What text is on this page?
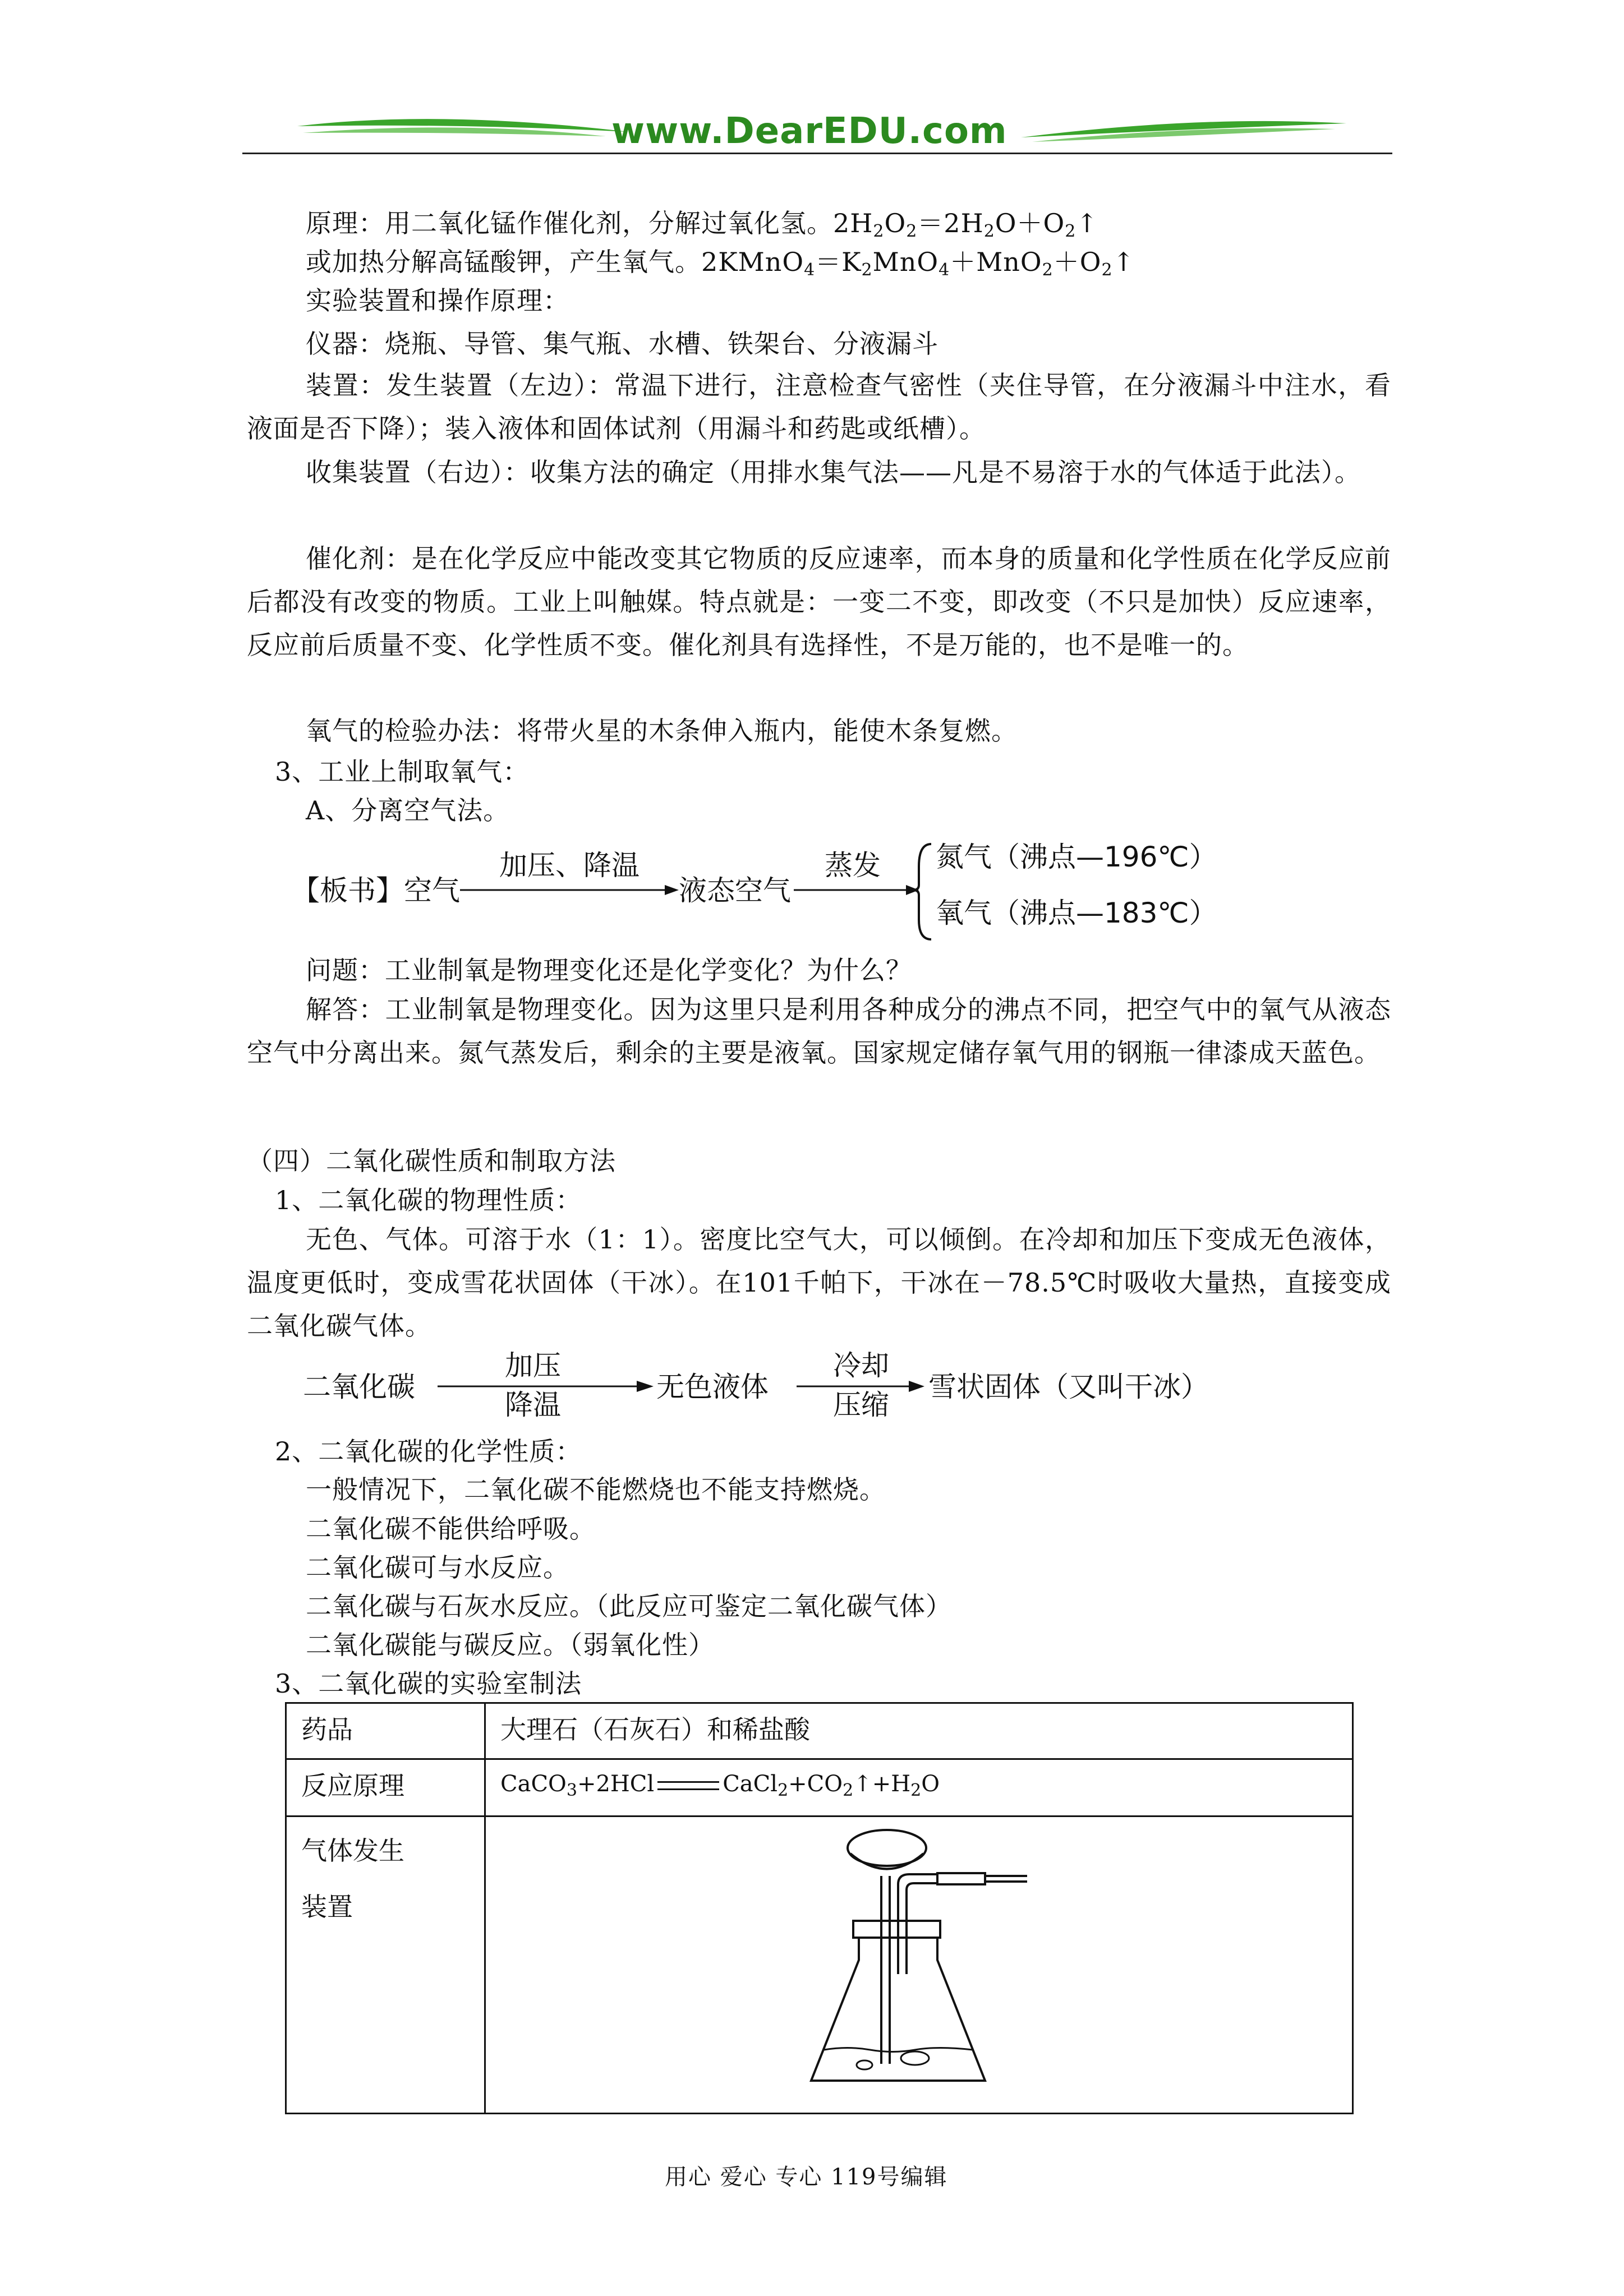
www.DearEDU.com
原理：用二氧化锰作催化剂，分解过氧化氢。$2H_2O_2=2H_2O+O_2↑$
或加热分解高锰酸钾，产生氧气。$2KMnO_4=K_2MnO_4+MnO_2+O_2↑$
实验装置和操作原理：
仪器：烧瓶、导管、集气瓶、水槽、铁架台、分液漏斗
装置：发生装置（左边）：常温下进行，注意检查气密性（夹住导管，在分液漏斗中注水，看液面是否下降）；装入液体和固体试剂（用漏斗和药匙或纸槽）。
收集装置（右边）：收集方法的确定（用排水集气法——凡是不易溶于水的气体适于此法）。
催化剂：是在化学反应中能改变其它物质的反应速率，而本身的质量和化学性质在化学反应前后都没有改变的物质。工业上叫触媒。特点就是：一变二不变，即改变（不只是加快）反应速率，反应前后质量不变、化学性质不变。催化剂具有选择性，不是万能的，也不是唯一的。
氧气的检验办法：将带火星的木条伸入瓶内，能使木条复燃。
3、工业上制取氧气：
A、分离空气法。
【板书】空气
加压、降温
液态空气
蒸发 氮气（沸点—196℃）
氧气（沸点—183℃）
问题：工业制氧是物理变化还是化学变化？为什么？
解答：工业制氧是物理变化。因为这里只是利用各种成分的沸点不同，把空气中的氧气从液态空气中分离出来。氮气蒸发后，剩余的主要是液氧。国家规定储存氧气用的钢瓶一律漆成天蓝色。
（四）二氧化碳性质和制取方法
1、二氧化碳的物理性质：
无色、气体。可溶于水（1：1）。密度比空气大，可以倾倒。在冷却和加压下变成无色液体，温度更低时，变成雪花状固体（干冰）。在101千帕下，干冰在－78.5℃时吸收大量热，直接变成二氧化碳气体。
二氧化碳
加压
降温
无色液体
冷却
压缩
雪状固体（又叫干冰）
2、二氧化碳的化学性质：
一般情况下，二氧化碳不能燃烧也不能支持燃烧。
二氧化碳不能供给呼吸。
二氧化碳可与水反应。
二氧化碳与石灰水反应。（此反应可鉴定二氧化碳气体）
二氧化碳能与碳反应。（弱氧化性）
3、二氧化碳的实验室制法
药品	大理石（石灰石）和稀盐酸
反应原理	CaCO$_3$+2HCl $CaCl_2+CO_2↑+H_2O$
气体发生
装置	
用心 爱心 专心 119号编辑
